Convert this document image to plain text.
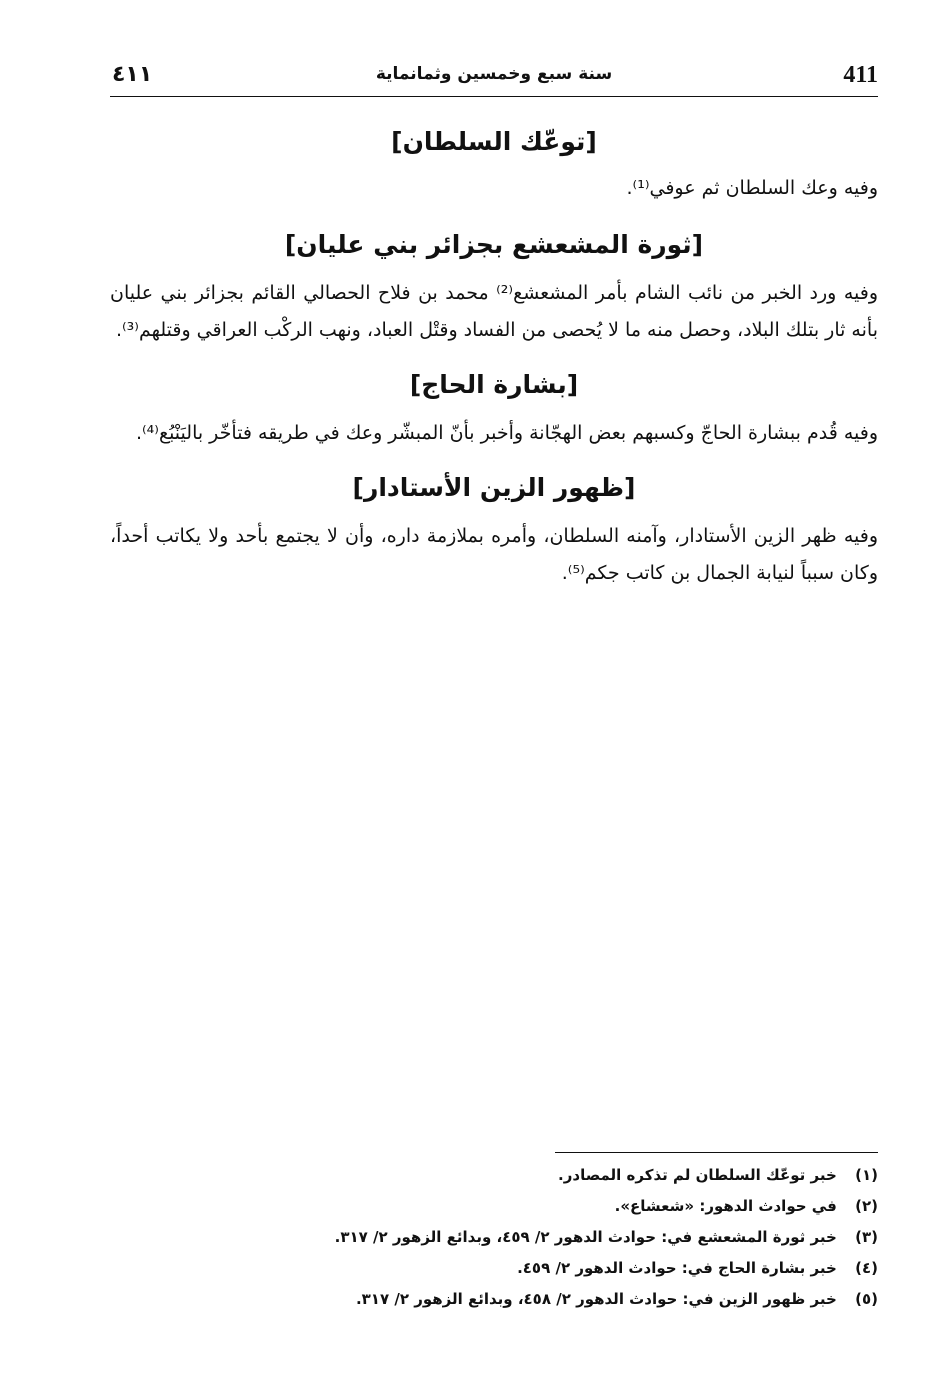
411
سنة سبع وخمسين وثمانماية
٤١١
[توعّك السلطان]

وفيه وعك السلطان ثم عوفي⁽¹⁾.

[ثورة المشعشع بجزائر بني عليان]

وفيه ورد الخبر من نائب الشام بأمر المشعشع⁽²⁾ محمد بن فلاح الحصالي القائم بجزائر بني عليان بأنه ثار بتلك البلاد، وحصل منه ما لا يُحصى من الفساد وقتْل العباد، ونهب الركْب العراقي وقتلهم⁽³⁾.

[بشارة الحاج]

وفيه قُدم ببشارة الحاجّ وكسبهم بعض الهجّانة وأخبر بأنّ المبشّر وعك في طريقه فتأخّر باليَنْبُع⁽⁴⁾.

[ظهور الزين الأستادار]

وفيه ظهر الزين الأستادار، وآمنه السلطان، وأمره بملازمة داره، وأن لا يجتمع بأحد ولا يكاتب أحداً، وكان سبباً لنيابة الجمال بن كاتب جكم⁽⁵⁾.

(١) خبر توعّك السلطان لم تذكره المصادر.
(٢) في حوادث الدهور: «شعشاع».
(٣) خبر ثورة المشعشع في: حوادث الدهور ٢/ ٤٥٩، وبدائع الزهور ٢/ ٣١٧.
(٤) خبر بشارة الحاج في: حوادث الدهور ٢/ ٤٥٩.
(٥) خبر ظهور الزين في: حوادث الدهور ٢/ ٤٥٨، وبدائع الزهور ٢/ ٣١٧.
